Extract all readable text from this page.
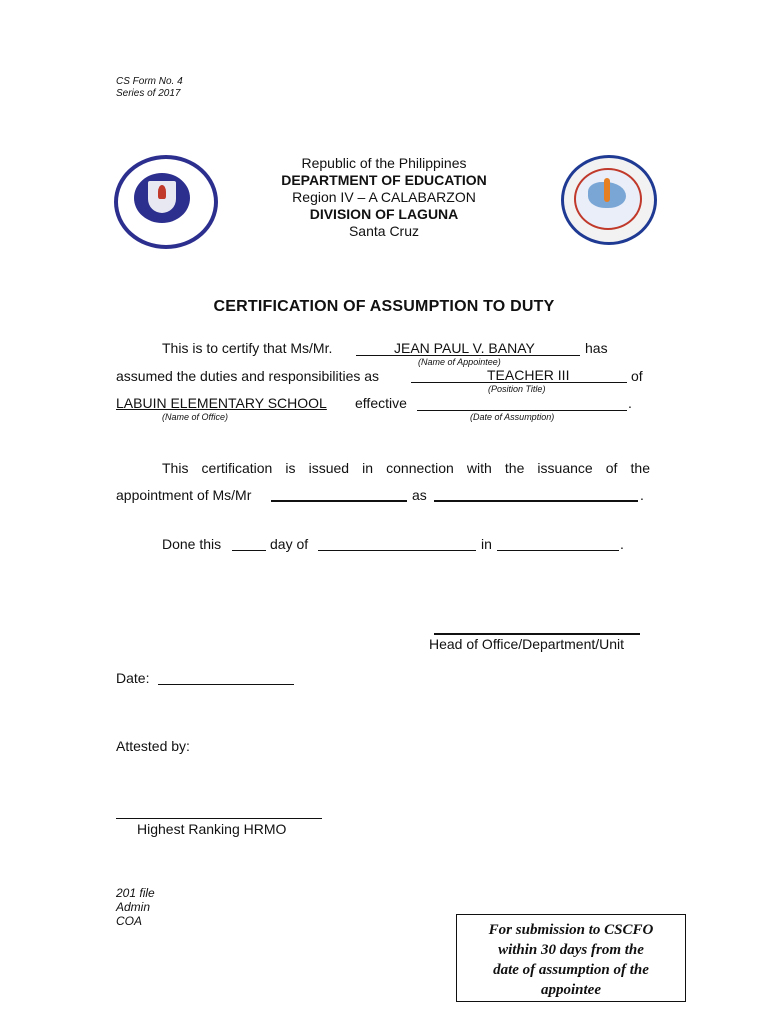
CS Form No. 4
Series of 2017
Republic of the Philippines
DEPARTMENT OF EDUCATION
Region IV – A CALABARZON
DIVISION OF LAGUNA
Santa Cruz
CERTIFICATION OF ASSUMPTION TO DUTY
This is to certify that Ms/Mr.	JEAN PAUL V. BANAY	has
(Name of Appointee)
assumed the duties and responsibilities as	TEACHER III	of
(Position Title)
LABUIN ELEMENTARY SCHOOL effective	.
(Name of Office)	(Date of Assumption)
This certification is issued in connection with the issuance of the
appointment of Ms/Mr	as	.
Done this	day of	in	.
Head of Office/Department/Unit
Date:
Attested by:
Highest Ranking HRMO
201 file
Admin
COA
For submission to CSCFO
within 30 days from the
date of assumption of the
appointee
